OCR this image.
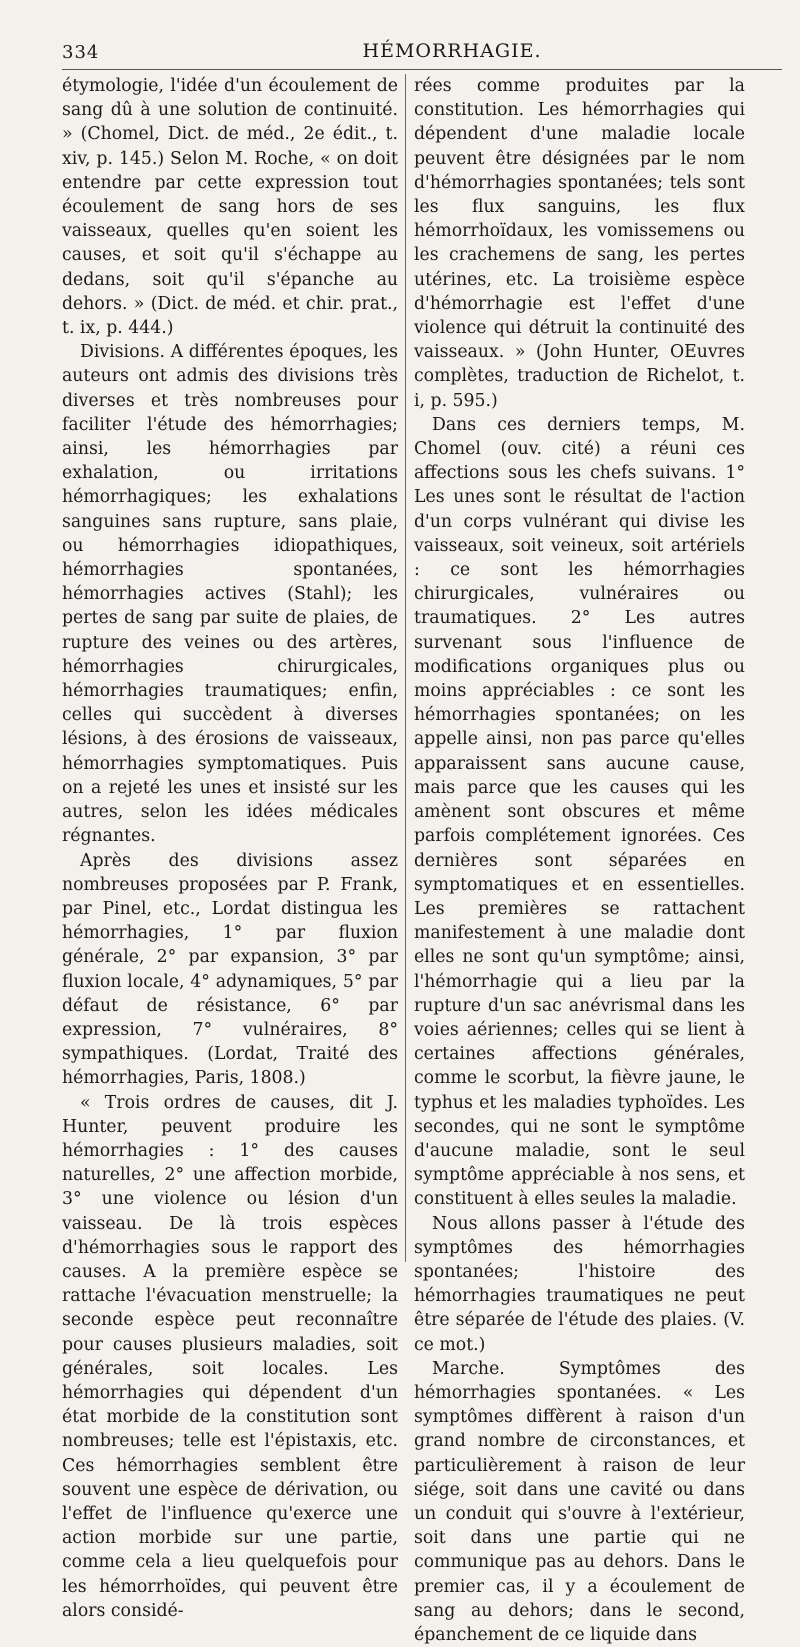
334	HÉMORRHAGIE.

étymologie, l'idée d'un écoulement de sang dû à une solution de continuité. » (Chomel, Dict. de méd., 2e édit., t. xiv, p. 145.) Selon M. Roche, « on doit entendre par cette expression tout écoulement de sang hors de ses vaisseaux, quelles qu'en soient les causes, et soit qu'il s'échappe au dedans, soit qu'il s'épanche au dehors. » (Dict. de méd. et chir. prat., t. ix, p. 444.)

Divisions. A différentes époques, les auteurs ont admis des divisions très diverses et très nombreuses pour faciliter l'étude des hémorrhagies; ainsi, les hémorrhagies par exhalation, ou irritations hémorrhagiques; les exhalations sanguines sans rupture, sans plaie, ou hémorrhagies idiopathiques, hémorrhagies spontanées, hémorrhagies actives (Stahl); les pertes de sang par suite de plaies, de rupture des veines ou des artères, hémorrhagies chirurgicales, hémorrhagies traumatiques; enfin, celles qui succèdent à diverses lésions, à des érosions de vaisseaux, hémorrhagies symptomatiques. Puis on a rejeté les unes et insisté sur les autres, selon les idées médicales régnantes.

Après des divisions assez nombreuses proposées par P. Frank, par Pinel, etc., Lordat distingua les hémorrhagies, 1° par fluxion générale, 2° par expansion, 3° par fluxion locale, 4° adynamiques, 5° par défaut de résistance, 6° par expression, 7° vulnéraires, 8° sympathiques. (Lordat, Traité des hémorrhagies, Paris, 1808.)

« Trois ordres de causes, dit J. Hunter, peuvent produire les hémorrhagies : 1° des causes naturelles, 2° une affection morbide, 3° une violence ou lésion d'un vaisseau. De là trois espèces d'hémorrhagies sous le rapport des causes. A la première espèce se rattache l'évacuation menstruelle; la seconde espèce peut reconnaître pour causes plusieurs maladies, soit générales, soit locales. Les hémorrhagies qui dépendent d'un état morbide de la constitution sont nombreuses; telle est l'épistaxis, etc. Ces hémorrhagies semblent être souvent une espèce de dérivation, ou l'effet de l'influence qu'exerce une action morbide sur une partie, comme cela a lieu quelquefois pour les hémorrhoïdes, qui peuvent être alors considé-

rées comme produites par la constitution. Les hémorrhagies qui dépendent d'une maladie locale peuvent être désignées par le nom d'hémorrhagies spontanées; tels sont les flux sanguins, les flux hémorrhoïdaux, les vomissemens ou les crachemens de sang, les pertes utérines, etc. La troisième espèce d'hémorrhagie est l'effet d'une violence qui détruit la continuité des vaisseaux. » (John Hunter, OEuvres complètes, traduction de Richelot, t. i, p. 595.)

Dans ces derniers temps, M. Chomel (ouv. cité) a réuni ces affections sous les chefs suivans. 1° Les unes sont le résultat de l'action d'un corps vulnérant qui divise les vaisseaux, soit veineux, soit artériels : ce sont les hémorrhagies chirurgicales, vulnéraires ou traumatiques. 2° Les autres survenant sous l'influence de modifications organiques plus ou moins appréciables : ce sont les hémorrhagies spontanées; on les appelle ainsi, non pas parce qu'elles apparaissent sans aucune cause, mais parce que les causes qui les amènent sont obscures et même parfois complétement ignorées. Ces dernières sont séparées en symptomatiques et en essentielles. Les premières se rattachent manifestement à une maladie dont elles ne sont qu'un symptôme; ainsi, l'hémorrhagie qui a lieu par la rupture d'un sac anévrismal dans les voies aériennes; celles qui se lient à certaines affections générales, comme le scorbut, la fièvre jaune, le typhus et les maladies typhoïdes. Les secondes, qui ne sont le symptôme d'aucune maladie, sont le seul symptôme appréciable à nos sens, et constituent à elles seules la maladie.

Nous allons passer à l'étude des symptômes des hémorrhagies spontanées; l'histoire des hémorrhagies traumatiques ne peut être séparée de l'étude des plaies. (V. ce mot.)

Marche. Symptômes des hémorrhagies spontanées. « Les symptômes diffèrent à raison d'un grand nombre de circonstances, et particulièrement à raison de leur siége, soit dans une cavité ou dans un conduit qui s'ouvre à l'extérieur, soit dans une partie qui ne communique pas au dehors. Dans le premier cas, il y a écoulement de sang au dehors; dans le second, épanchement de ce liquide dans
